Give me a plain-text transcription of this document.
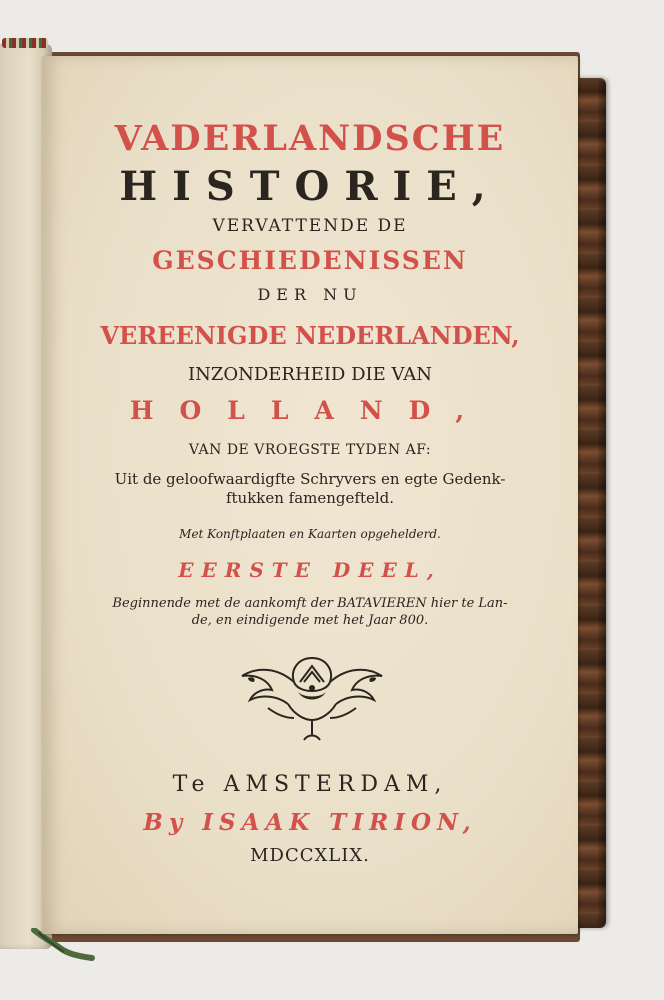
VADERLANDSCHE

HISTORIE,

VERVATTENDE DE

GESCHIEDENISSEN

DER NU

VEREENIGDE NEDERLANDEN,

INZONDERHEID DIE VAN

HOLLAND,

VAN DE VROEGSTE TYDEN AF:

Uit de geloofwaardigfte Schryvers en egte Gedenk-

ftukken famengefteld.

Met Konftplaaten en Kaarten opgehelderd.

EERSTE DEEL,

Beginnende met de aankomft der BATAVIEREN hier te Lan-

de, en eindigende met het Jaar 800.

Te AMSTERDAM,

By ISAAK TIRION,

MDCCXLIX.
